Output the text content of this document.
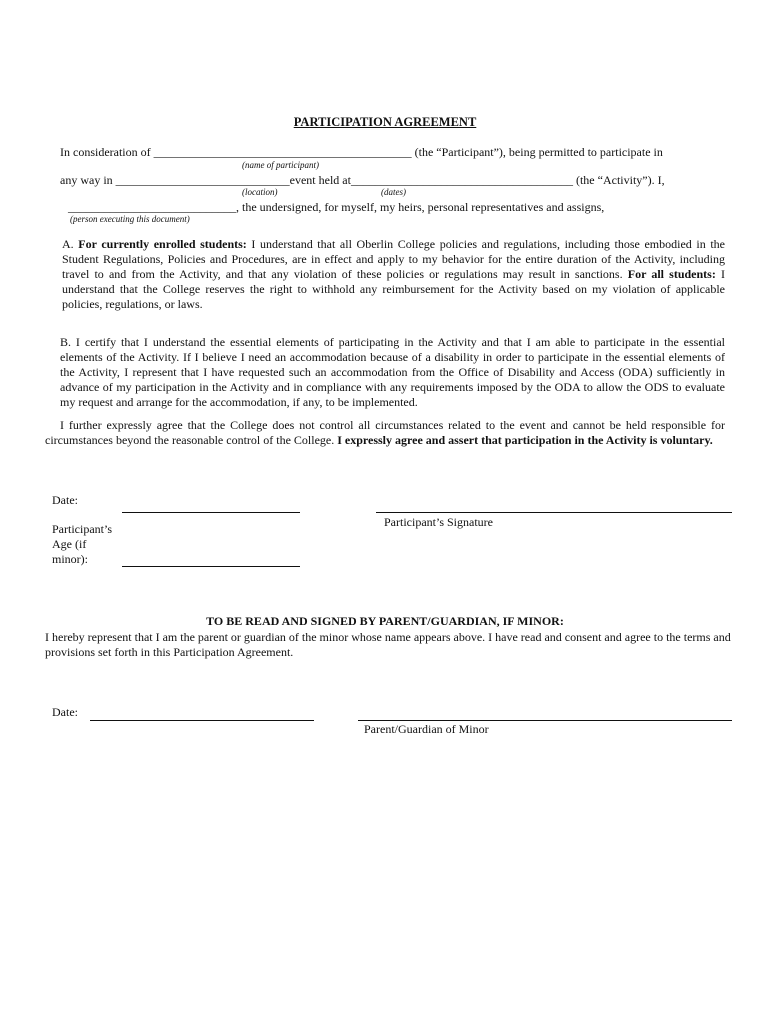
PARTICIPATION AGREEMENT
In consideration of ___________________________________________ (the “Participant”), being permitted to participate in
(name of participant)
any way in _____________________________event held at_____________________________________ (the “Activity”). I,
(location)	(dates)
____________________________, the undersigned, for myself, my heirs, personal representatives and assigns,
(person executing this document)
A. For currently enrolled students: I understand that all Oberlin College policies and regulations, including those embodied in the Student Regulations, Policies and Procedures, are in effect and apply to my behavior for the entire duration of the Activity, including travel to and from the Activity, and that any violation of these policies or regulations may result in sanctions. For all students: I understand that the College reserves the right to withhold any reimbursement for the Activity based on my violation of applicable policies, regulations, or laws.
B. I certify that I understand the essential elements of participating in the Activity and that I am able to participate in the essential elements of the Activity. If I believe I need an accommodation because of a disability in order to participate in the essential elements of the Activity, I represent that I have requested such an accommodation from the Office of Disability and Access (ODA) sufficiently in advance of my participation in the Activity and in compliance with any requirements imposed by the ODA to allow the ODS to evaluate my request and arrange for the accommodation, if any, to be implemented.
I further expressly agree that the College does not control all circumstances related to the event and cannot be held responsible for circumstances beyond the reasonable control of the College. I expressly agree and assert that participation in the Activity is voluntary.
Date:
Participant’s Signature
Participant’s
Age (if
minor):
TO BE READ AND SIGNED BY PARENT/GUARDIAN, IF MINOR:
I hereby represent that I am the parent or guardian of the minor whose name appears above. I have read and consent and agree to the terms and provisions set forth in this Participation Agreement.
Date:
Parent/Guardian of Minor
